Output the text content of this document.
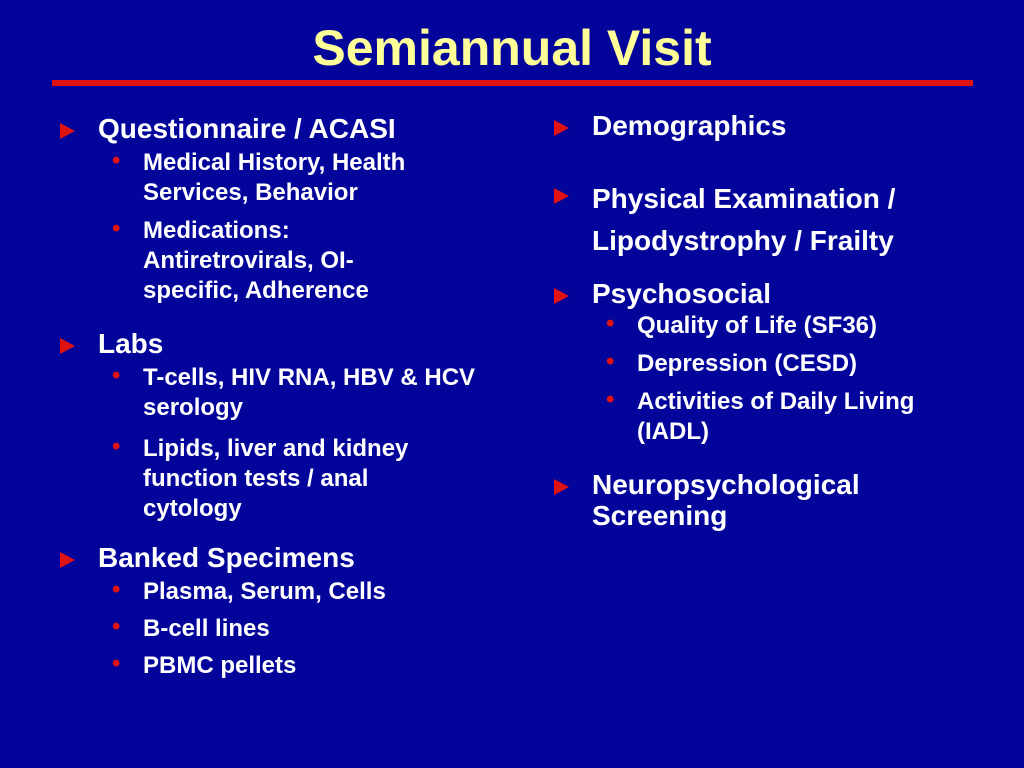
Semiannual Visit
Questionnaire / ACASI
• Medical History, Health Services, Behavior
• Medications: Antiretrovirals, OI-specific, Adherence
Labs
• T-cells, HIV RNA, HBV & HCV serology
• Lipids, liver and kidney function tests / anal cytology
Banked Specimens
• Plasma, Serum, Cells
• B-cell lines
• PBMC pellets
Demographics
Physical Examination / Lipodystrophy / Frailty
Psychosocial
• Quality of Life (SF36)
• Depression (CESD)
• Activities of Daily Living (IADL)
Neuropsychological Screening
